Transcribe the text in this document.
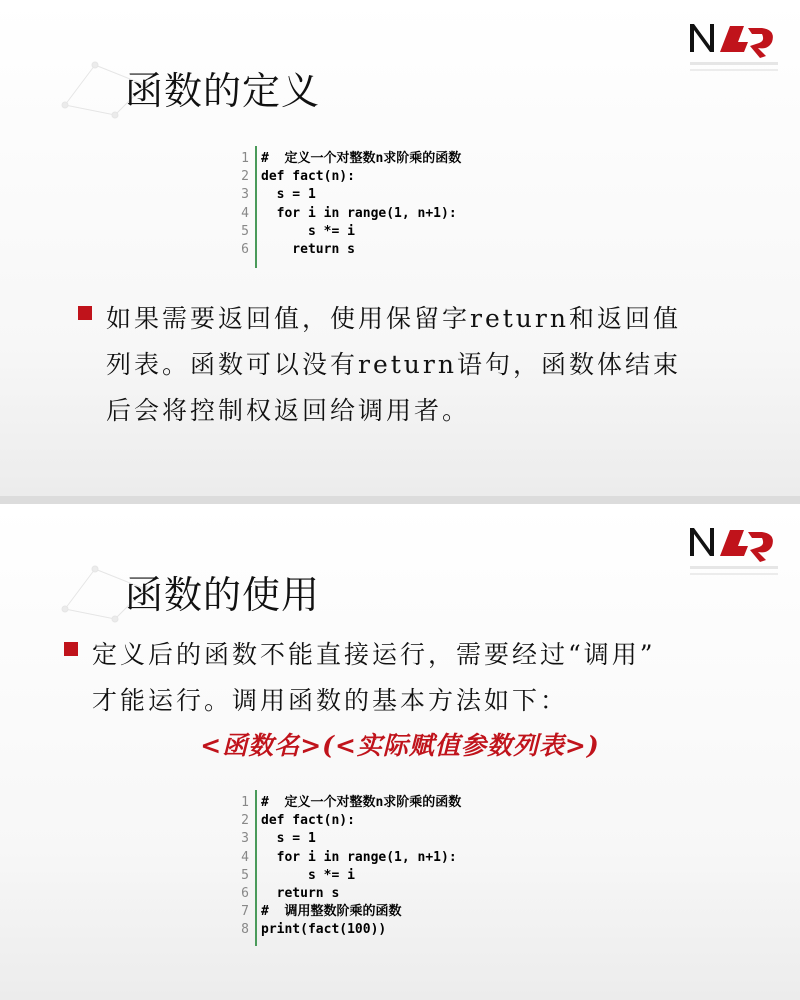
函数的定义
1 #  定义一个对整数n求阶乘的函数
2 def fact(n):
3 s = 1
4 for i in range(1, n+1):
5 s *= i
6 return s
如果需要返回值，使用保留字return和返回值
列表。函数可以没有return语句，函数体结束
后会将控制权返回给调用者。
函数的使用
定义后的函数不能直接运行，需要经过“调用”
才能运行。调用函数的基本方法如下：
<函数名>(<实际赋值参数列表>)
1 #  定义一个对整数n求阶乘的函数
2 def fact(n):
3 s = 1
4 for i in range(1, n+1):
5 s *= i
6 return s
7 #  调用整数阶乘的函数
8 print(fact(100))
